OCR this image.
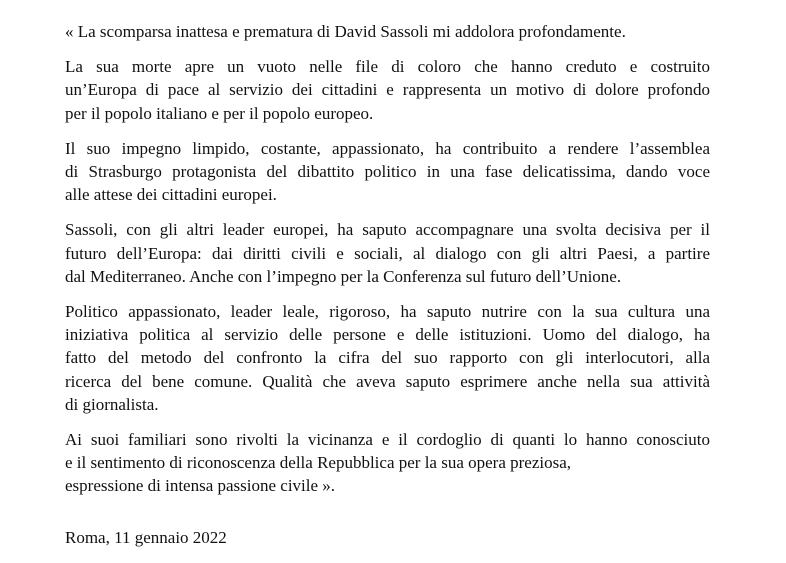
« La scomparsa inattesa e prematura di David Sassoli mi addolora profondamente.

La sua morte apre un vuoto nelle file di coloro che hanno creduto e costruito
un’Europa di pace al servizio dei cittadini e rappresenta un motivo di dolore profondo
per il popolo italiano e per il popolo europeo.

Il suo impegno limpido, costante, appassionato, ha contribuito a rendere l’assemblea
di Strasburgo protagonista del dibattito politico in una fase delicatissima, dando voce
alle attese dei cittadini europei.

Sassoli, con gli altri leader europei, ha saputo accompagnare una svolta decisiva per il
futuro dell’Europa: dai diritti civili e sociali, al dialogo con gli altri Paesi, a partire
dal Mediterraneo. Anche con l’impegno per la Conferenza sul futuro dell’Unione.

Politico appassionato, leader leale, rigoroso, ha saputo nutrire con la sua cultura una
iniziativa politica al servizio delle persone e delle istituzioni. Uomo del dialogo, ha
fatto del metodo del confronto la cifra del suo rapporto con gli interlocutori, alla
ricerca del bene comune. Qualità che aveva saputo esprimere anche nella sua attività
di giornalista.

Ai suoi familiari sono rivolti la vicinanza e il cordoglio di quanti lo hanno conosciuto
e il sentimento di riconoscenza della Repubblica per la sua opera preziosa,
espressione di intensa passione civile ».

Roma, 11 gennaio 2022
